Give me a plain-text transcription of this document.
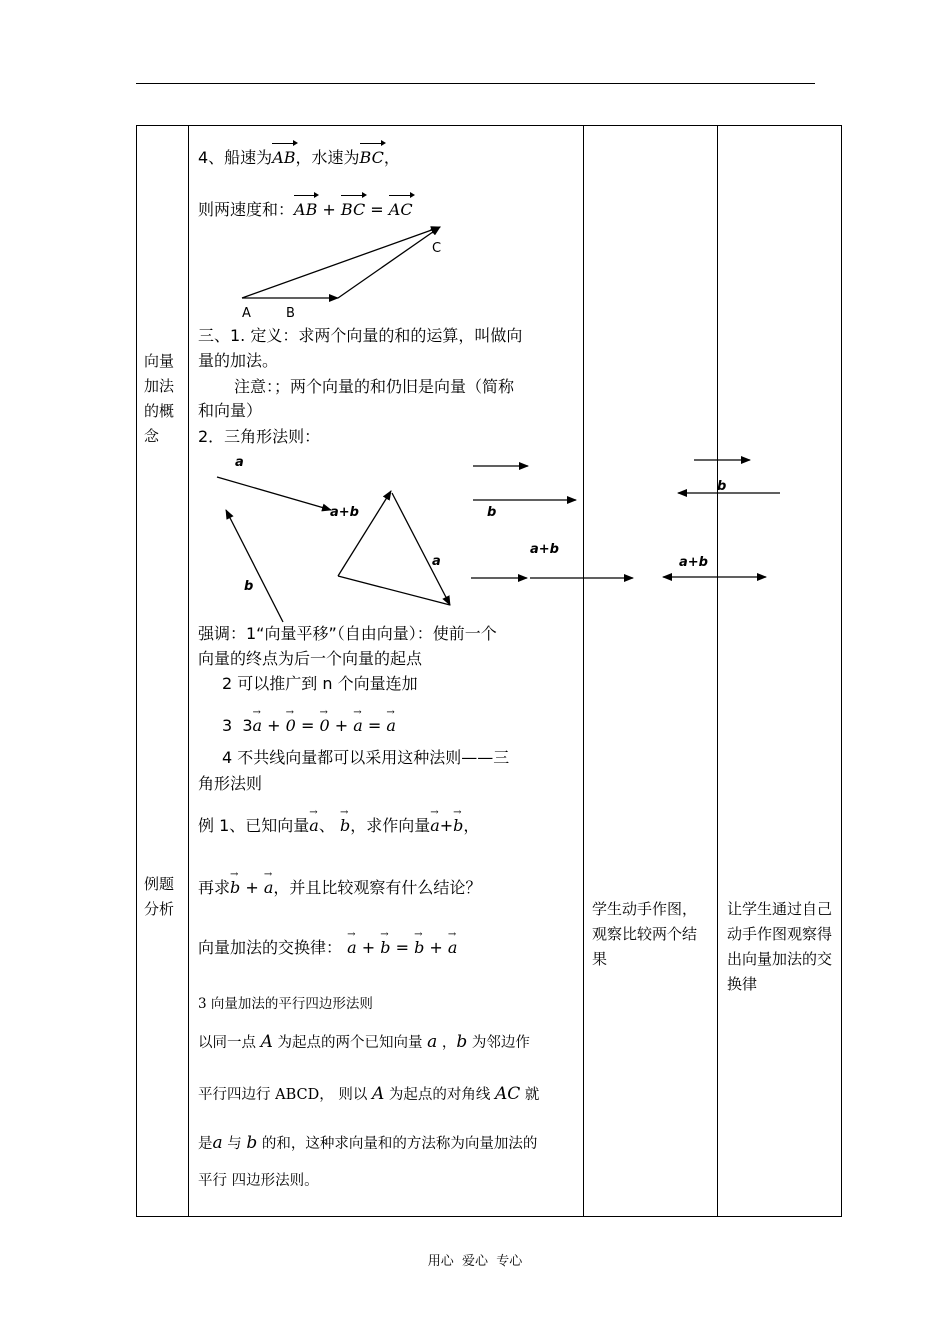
向量加法的概念
例题分析
4、船速为AB，水速为BC，
则两速度和：AB + BC = AC
A	B
C
a
a+b
b
a
b
a+b
b
a+b
三、1. 定义：求两个向量的和的运算，叫做向
量的加法。
注意：；两个向量的和仍旧是向量（简称
和向量）
2．三角形法则：
强调：1“向量平移”（自由向量）：使前一个
向量的终点为后一个向量的起点
2 可以推广到 n 个向量连加
3 3→ a + → 0 = → 0 + → a = → a
4 不共线向量都可以采用这种法则——三
角形法则
例 1、已知向量→ a、 → b，求作向量→ a+→ b，
再求→ b + → a，并且比较观察有什么结论？
向量加法的交换律： → a + → b = → b + → a
3 向量加法的平行四边形法则
以同一点 A 为起点的两个已知向量 a ，b 为邻边作
平行四边行 ABCD， 则以 A 为起点的对角线 AC 就
是a 与 b 的和，这种求向量和的方法称为向量加法的
平行 四边形法则。
学生动手作图，观察比较两个结果
让学生通过自己动手作图观察得出向量加法的交换律
用心  爱心  专心
